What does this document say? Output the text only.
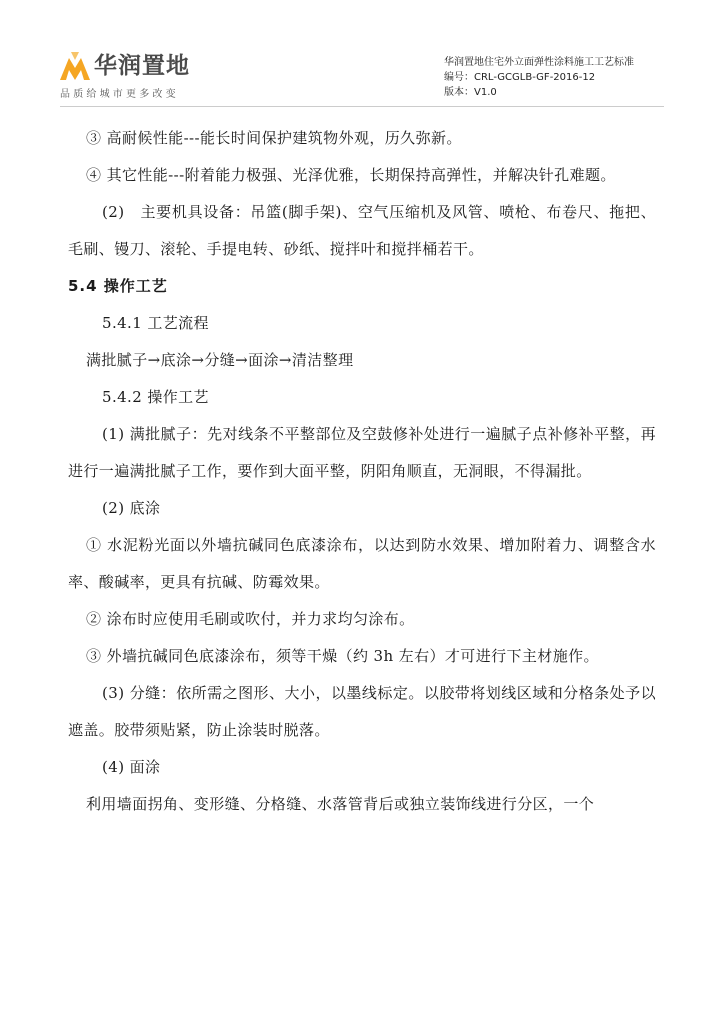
华润置地
品质给城市更多改变
华润置地住宅外立面弹性涂料施工工艺标准
编号：CRL-GCGLB-GF-2016-12
版本：V1.0

③ 高耐候性能---能长时间保护建筑物外观，历久弥新。

④ 其它性能---附着能力极强、光泽优雅，长期保持高弹性，并解决针孔难题。

(2)　主要机具设备：吊篮(脚手架)、空气压缩机及风管、喷枪、布卷尺、拖把、毛刷、镘刀、滚轮、手提电转、砂纸、搅拌叶和搅拌桶若干。

5.4 操作工艺

5.4.1 工艺流程

满批腻子→底涂→分缝→面涂→清洁整理

5.4.2 操作工艺

(1) 满批腻子：先对线条不平整部位及空鼓修补处进行一遍腻子点补修补平整，再进行一遍满批腻子工作，要作到大面平整，阴阳角顺直，无洞眼，不得漏批。

(2) 底涂

① 水泥粉光面以外墙抗碱同色底漆涂布，以达到防水效果、增加附着力、调整含水率、酸碱率，更具有抗碱、防霉效果。

② 涂布时应使用毛刷或吹付，并力求均匀涂布。

③ 外墙抗碱同色底漆涂布，须等干燥（约 3h 左右）才可进行下主材施作。

(3) 分缝：依所需之图形、大小，以墨线标定。以胶带将划线区域和分格条处予以遮盖。胶带须贴紧，防止涂装时脱落。

(4) 面涂

利用墙面拐角、变形缝、分格缝、水落管背后或独立装饰线进行分区，一个
